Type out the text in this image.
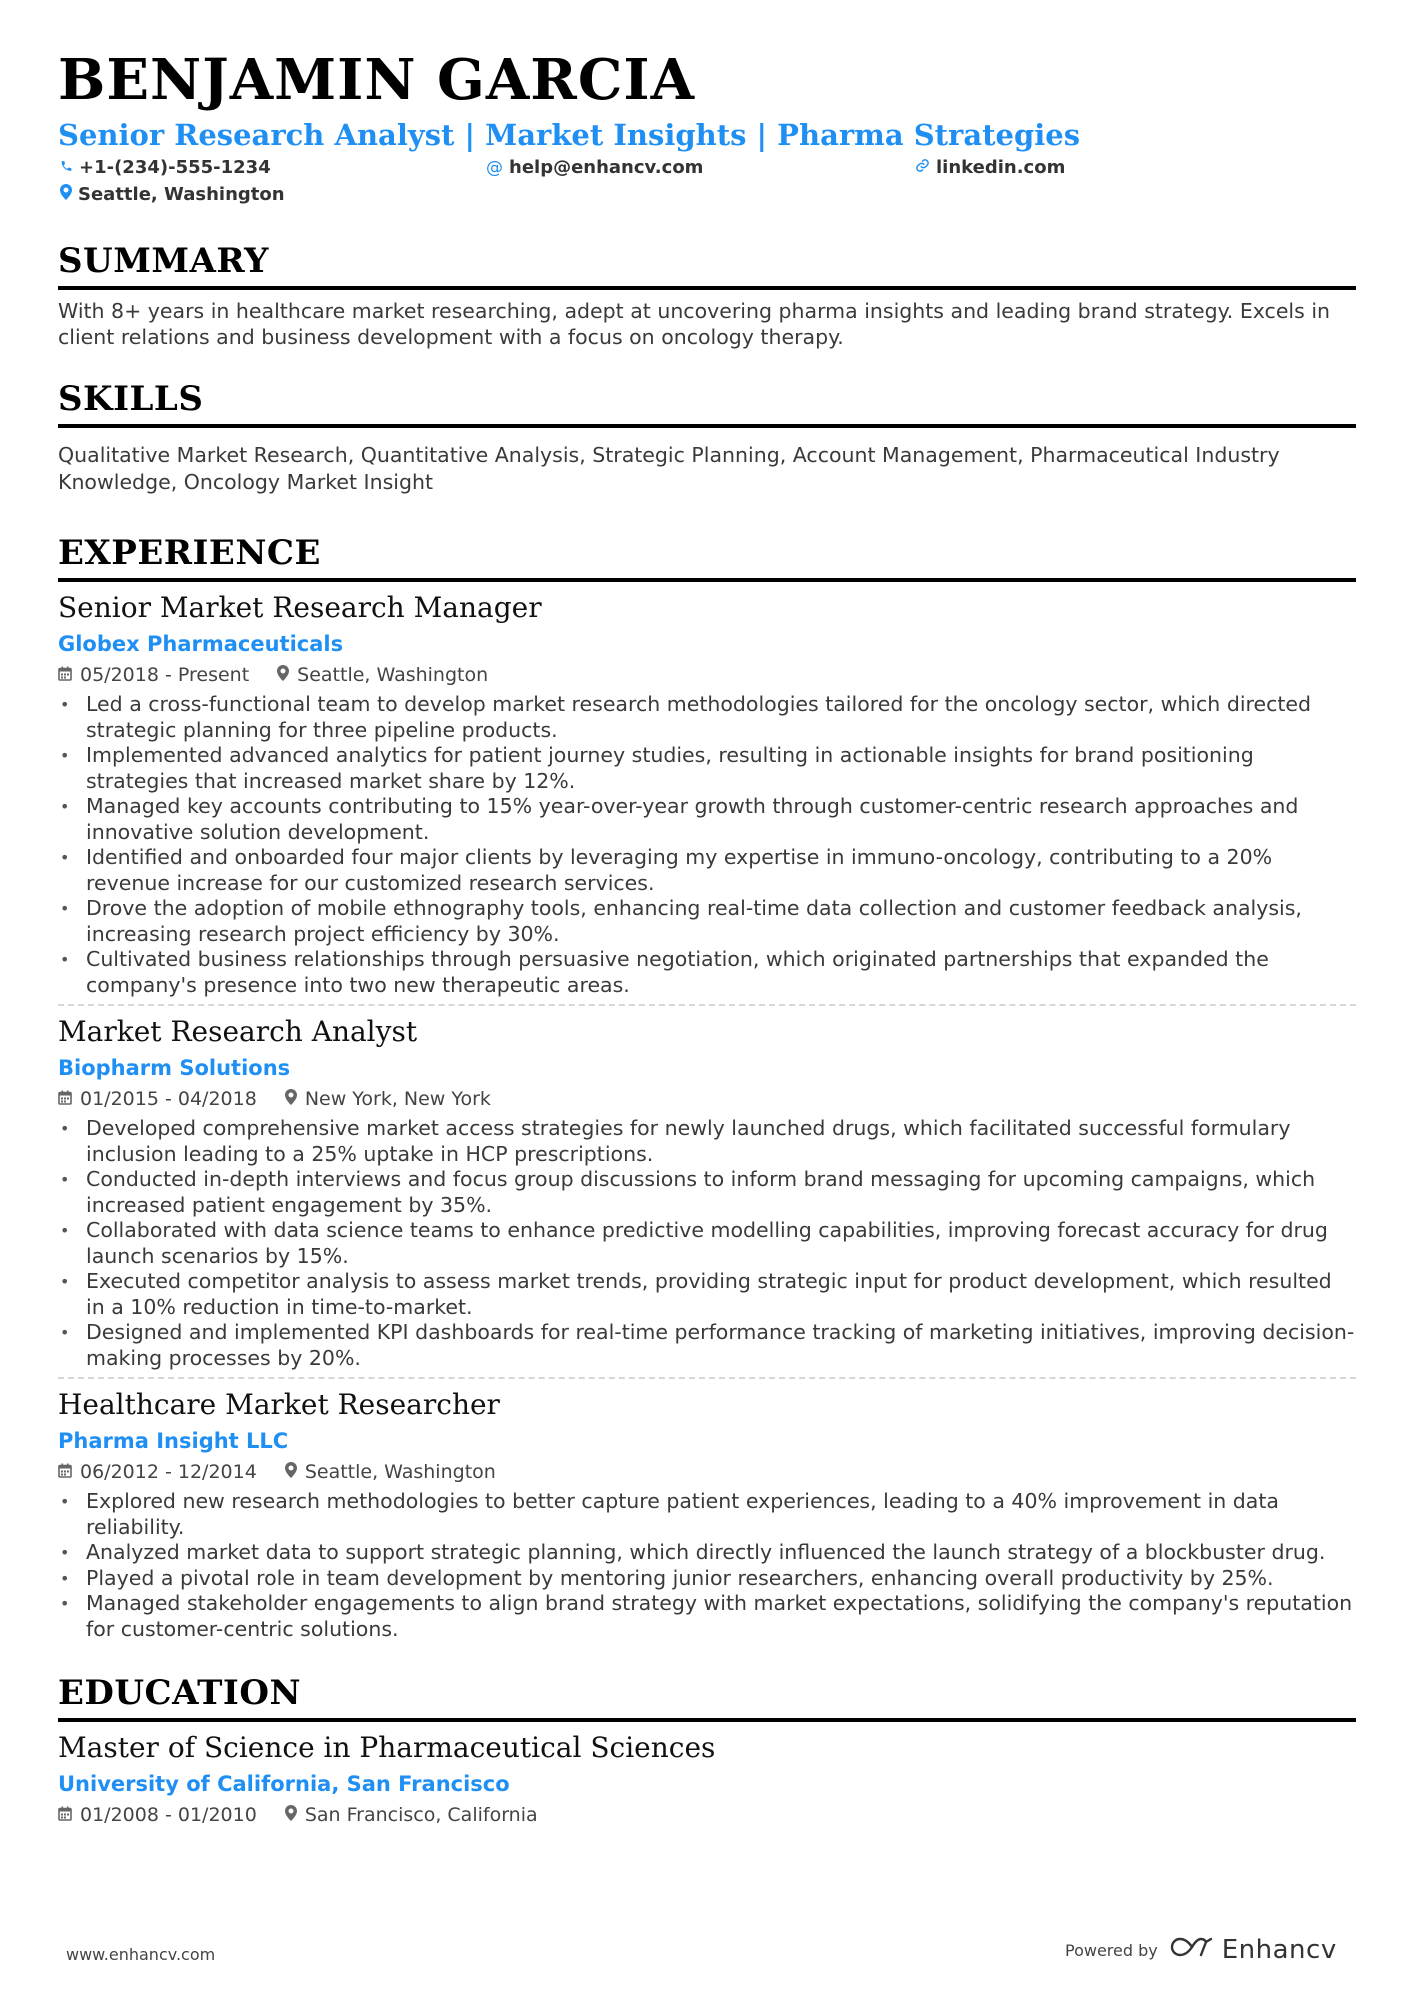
BENJAMIN GARCIA
Senior Research Analyst | Market Insights | Pharma Strategies
+1-(234)-555-1234	@ help@enhancv.com	linkedin.com
Seattle, Washington
SUMMARY
With 8+ years in healthcare market researching, adept at uncovering pharma insights and leading brand strategy. Excels in client relations and business development with a focus on oncology therapy.
SKILLS
Qualitative Market Research, Quantitative Analysis, Strategic Planning, Account Management, Pharmaceutical Industry Knowledge, Oncology Market Insight
EXPERIENCE
Senior Market Research Manager
Globex Pharmaceuticals
05/2018 - Present	Seattle, Washington
• Led a cross-functional team to develop market research methodologies tailored for the oncology sector, which directed strategic planning for three pipeline products.
• Implemented advanced analytics for patient journey studies, resulting in actionable insights for brand positioning strategies that increased market share by 12%.
• Managed key accounts contributing to 15% year-over-year growth through customer-centric research approaches and innovative solution development.
• Identified and onboarded four major clients by leveraging my expertise in immuno-oncology, contributing to a 20% revenue increase for our customized research services.
• Drove the adoption of mobile ethnography tools, enhancing real-time data collection and customer feedback analysis, increasing research project efficiency by 30%.
• Cultivated business relationships through persuasive negotiation, which originated partnerships that expanded the company's presence into two new therapeutic areas.
Market Research Analyst
Biopharm Solutions
01/2015 - 04/2018	New York, New York
• Developed comprehensive market access strategies for newly launched drugs, which facilitated successful formulary inclusion leading to a 25% uptake in HCP prescriptions.
• Conducted in-depth interviews and focus group discussions to inform brand messaging for upcoming campaigns, which increased patient engagement by 35%.
• Collaborated with data science teams to enhance predictive modelling capabilities, improving forecast accuracy for drug launch scenarios by 15%.
• Executed competitor analysis to assess market trends, providing strategic input for product development, which resulted in a 10% reduction in time-to-market.
• Designed and implemented KPI dashboards for real-time performance tracking of marketing initiatives, improving decision-making processes by 20%.
Healthcare Market Researcher
Pharma Insight LLC
06/2012 - 12/2014	Seattle, Washington
• Explored new research methodologies to better capture patient experiences, leading to a 40% improvement in data reliability.
• Analyzed market data to support strategic planning, which directly influenced the launch strategy of a blockbuster drug.
• Played a pivotal role in team development by mentoring junior researchers, enhancing overall productivity by 25%.
• Managed stakeholder engagements to align brand strategy with market expectations, solidifying the company's reputation for customer-centric solutions.
EDUCATION
Master of Science in Pharmaceutical Sciences
University of California, San Francisco
01/2008 - 01/2010	San Francisco, California
www.enhancv.com	Powered by Enhancv
